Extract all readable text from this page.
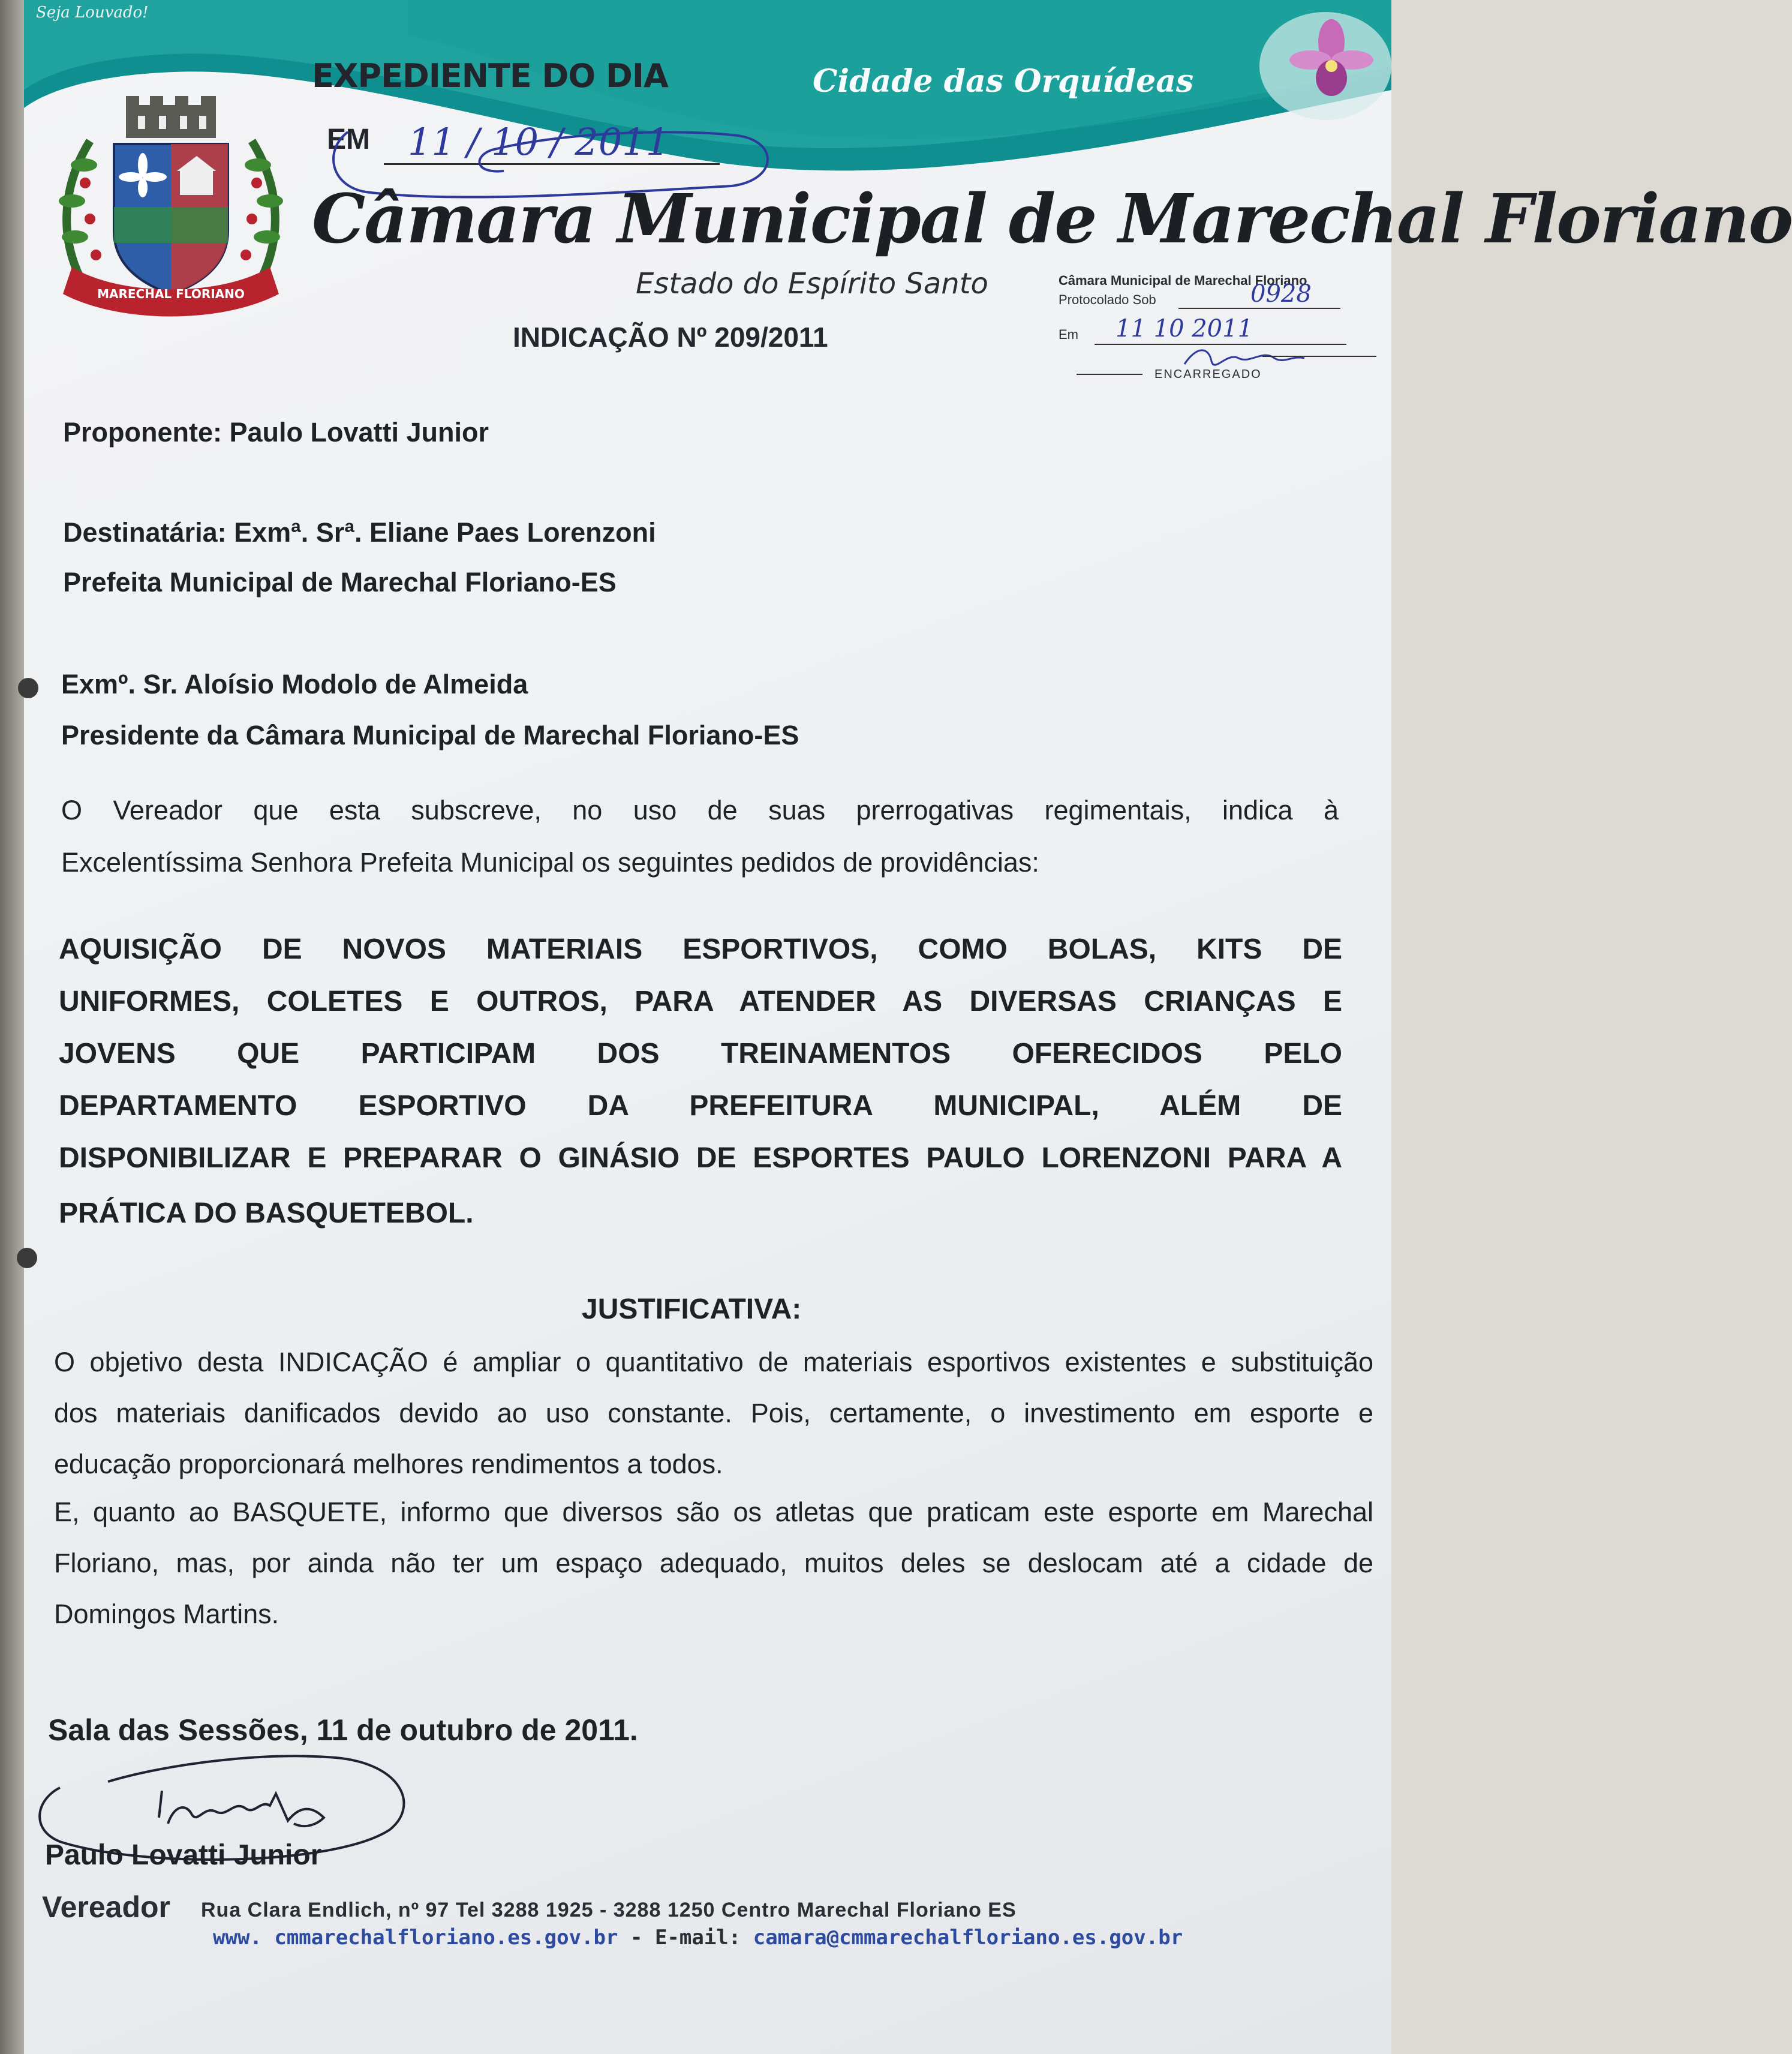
Seja Louvado!
MARECHAL FLORIANO
EXPEDIENTE DO DIA	Cidade das Orquídeas
EM 11 / 10 / 2011
Câmara Municipal de Marechal Floriano
Estado do Espírito Santo
INDICAÇÃO Nº 209/2011
Câmara Municipal de Marechal Floriano
Protocolado Sob	0928
Em 11 10 2011
ENCARREGADO
Proponente: Paulo Lovatti Junior
Destinatária: Exmª. Srª. Eliane Paes Lorenzoni
Prefeita Municipal de Marechal Floriano-ES
Exmº. Sr. Aloísio Modolo de Almeida
Presidente da Câmara Municipal de Marechal Floriano-ES
O Vereador que esta subscreve, no uso de suas prerrogativas regimentais, indica à
Excelentíssima Senhora Prefeita Municipal os seguintes pedidos de providências:
AQUISIÇÃO DE NOVOS MATERIAIS ESPORTIVOS, COMO BOLAS, KITS DE
UNIFORMES, COLETES E OUTROS, PARA ATENDER AS DIVERSAS CRIANÇAS E
JOVENS QUE PARTICIPAM DOS TREINAMENTOS OFERECIDOS PELO
DEPARTAMENTO ESPORTIVO DA PREFEITURA MUNICIPAL, ALÉM DE
DISPONIBILIZAR E PREPARAR O GINÁSIO DE ESPORTES PAULO LORENZONI PARA A
PRÁTICA DO BASQUETEBOL.
JUSTIFICATIVA:
O objetivo desta INDICAÇÃO é ampliar o quantitativo de materiais esportivos existentes e substituição
dos materiais danificados devido ao uso constante. Pois, certamente, o investimento em esporte e
educação proporcionará melhores rendimentos a todos.
E, quanto ao BASQUETE, informo que diversos são os atletas que praticam este esporte em Marechal
Floriano, mas, por ainda não ter um espaço adequado, muitos deles se deslocam até a cidade de
Domingos Martins.
Sala das Sessões, 11 de outubro de 2011.
Paulo Lovatti Junior
Vereador Rua Clara Endlich, nº 97 Tel 3288 1925 - 3288 1250 Centro Marechal Floriano ES
www. cmmarechalfloriano.es.gov.br - E-mail: camara@cmmarechalfloriano.es.gov.br
